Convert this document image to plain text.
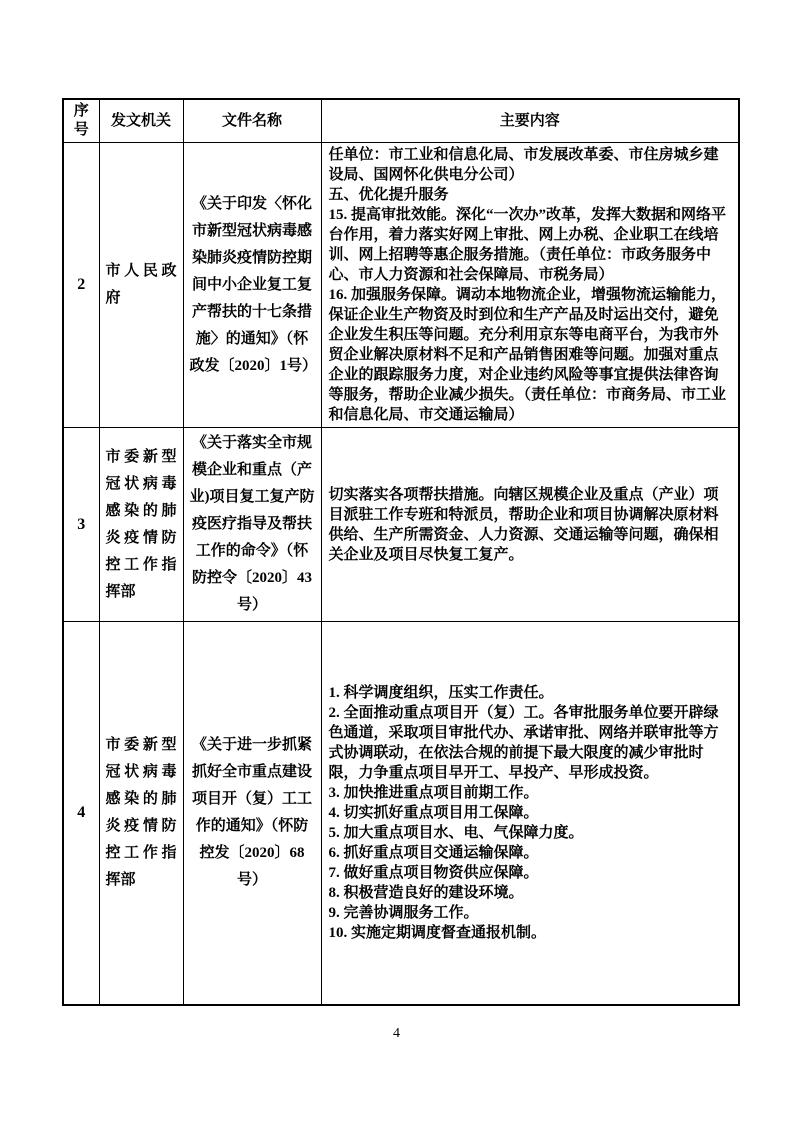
序号	发文机关	文件名称	主要内容
2	市人民政府	《关于印发〈怀化市新型冠状病毒感染肺炎疫情防控期间中小企业复工复产帮扶的十七条措施〉的通知》（怀政发〔2020〕1号）	任单位：市工业和信息化局、市发展改革委、市住房城乡建设局、国网怀化供电分公司）

五、优化提升服务

15. 提高审批效能。深化“一次办”改革，发挥大数据和网络平台作用，着力落实好网上审批、网上办税、企业职工在线培训、网上招聘等惠企服务措施。（责任单位：市政务服务中心、市人力资源和社会保障局、市税务局）

16. 加强服务保障。调动本地物流企业，增强物流运输能力，保证企业生产物资及时到位和生产产品及时运出交付，避免企业发生积压等问题。充分利用京东等电商平台，为我市外贸企业解决原材料不足和产品销售困难等问题。加强对重点企业的跟踪服务力度，对企业违约风险等事宜提供法律咨询等服务，帮助企业减少损失。（责任单位：市商务局、市工业和信息化局、市交通运输局）

3	市委新型冠状病毒感染的肺炎疫情防控工作指挥部	《关于落实全市规模企业和重点（产业)项目复工复产防疫医疗指导及帮扶工作的命令》（怀防控令〔2020〕43号）	切实落实各项帮扶措施。向辖区规模企业及重点（产业）项目派驻工作专班和特派员，帮助企业和项目协调解决原材料供给、生产所需资金、人力资源、交通运输等问题，确保相关企业及项目尽快复工复产。

4	市委新型冠状病毒感染的肺炎疫情防控工作指挥部	《关于进一步抓紧抓好全市重点建设项目开（复）工工作的通知》（怀防控发〔2020〕68号）	

1. 科学调度组织，压实工作责任。

2. 全面推动重点项目开（复）工。各审批服务单位要开辟绿色通道，采取项目审批代办、承诺审批、网络并联审批等方式协调联动，在依法合规的前提下最大限度的减少审批时限，力争重点项目早开工、早投产、早形成投资。

3. 加快推进重点项目前期工作。

4. 切实抓好重点项目用工保障。

5. 加大重点项目水、电、气保障力度。

6. 抓好重点项目交通运输保障。

7. 做好重点项目物资供应保障。

8. 积极营造良好的建设环境。

9. 完善协调服务工作。

10. 实施定期调度督查通报机制。

4
